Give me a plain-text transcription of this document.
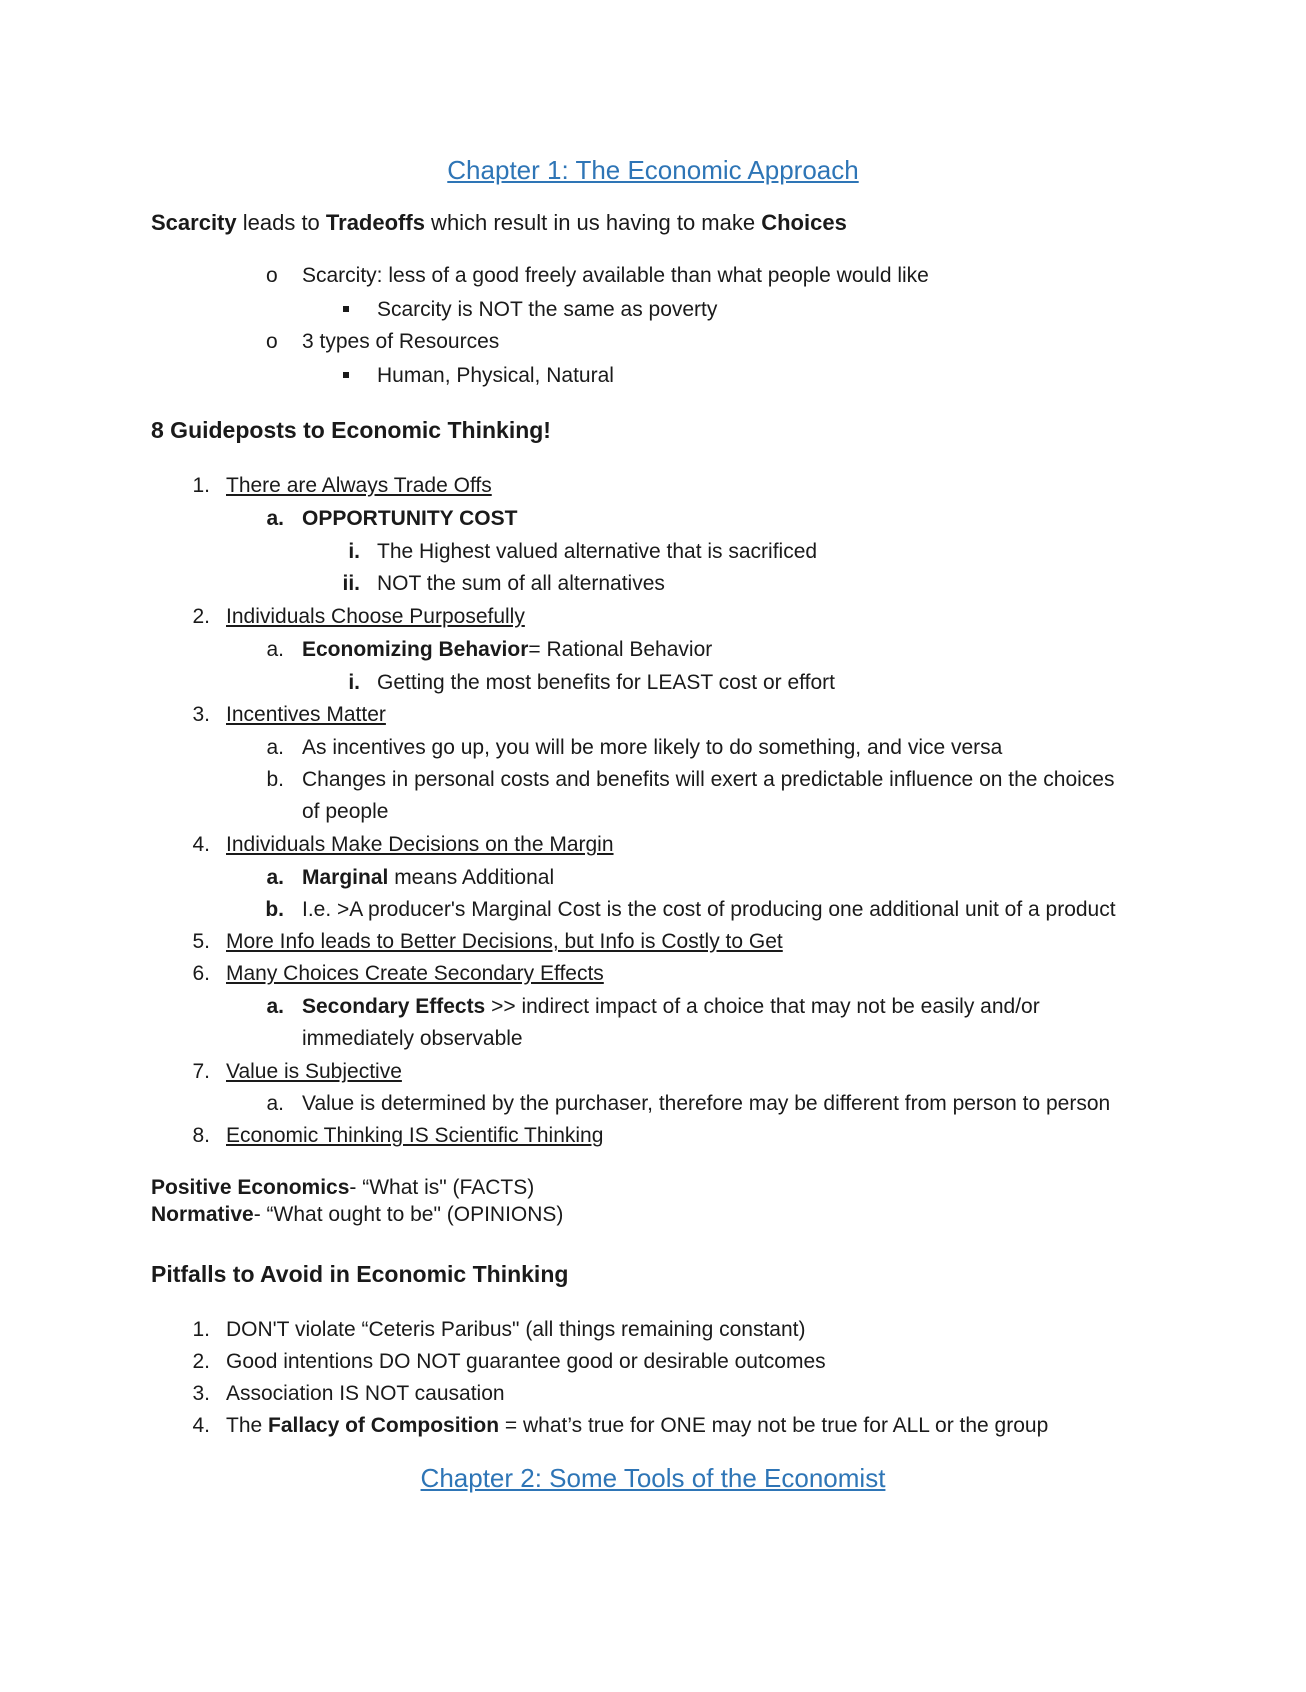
Chapter 1: The Economic Approach
Scarcity leads to Tradeoffs which result in us having to make Choices
o Scarcity: less of a good freely available than what people would like
Scarcity is NOT the same as poverty
o 3 types of Resources
Human, Physical, Natural
8 Guideposts to Economic Thinking!
1. There are Always Trade Offs
a. OPPORTUNITY COST
i. The Highest valued alternative that is sacrificed
ii. NOT the sum of all alternatives
2. Individuals Choose Purposefully
a. Economizing Behavior= Rational Behavior
i. Getting the most benefits for LEAST cost or effort
3. Incentives Matter
a. As incentives go up, you will be more likely to do something, and vice versa
b. Changes in personal costs and benefits will exert a predictable influence on the choices
of people
4. Individuals Make Decisions on the Margin
a. Marginal means Additional
b. I.e. >A producer's Marginal Cost is the cost of producing one additional unit of a product
5. More Info leads to Better Decisions, but Info is Costly to Get
6. Many Choices Create Secondary Effects
a. Secondary Effects >> indirect impact of a choice that may not be easily and/or
immediately observable
7. Value is Subjective
a. Value is determined by the purchaser, therefore may be different from person to person
8. Economic Thinking IS Scientific Thinking
Positive Economics- “What is" (FACTS)
Normative- “What ought to be" (OPINIONS)
Pitfalls to Avoid in Economic Thinking
1. DON'T violate “Ceteris Paribus" (all things remaining constant)
2. Good intentions DO NOT guarantee good or desirable outcomes
3. Association IS NOT causation
4. The Fallacy of Composition = what’s true for ONE may not be true for ALL or the group
Chapter 2: Some Tools of the Economist
